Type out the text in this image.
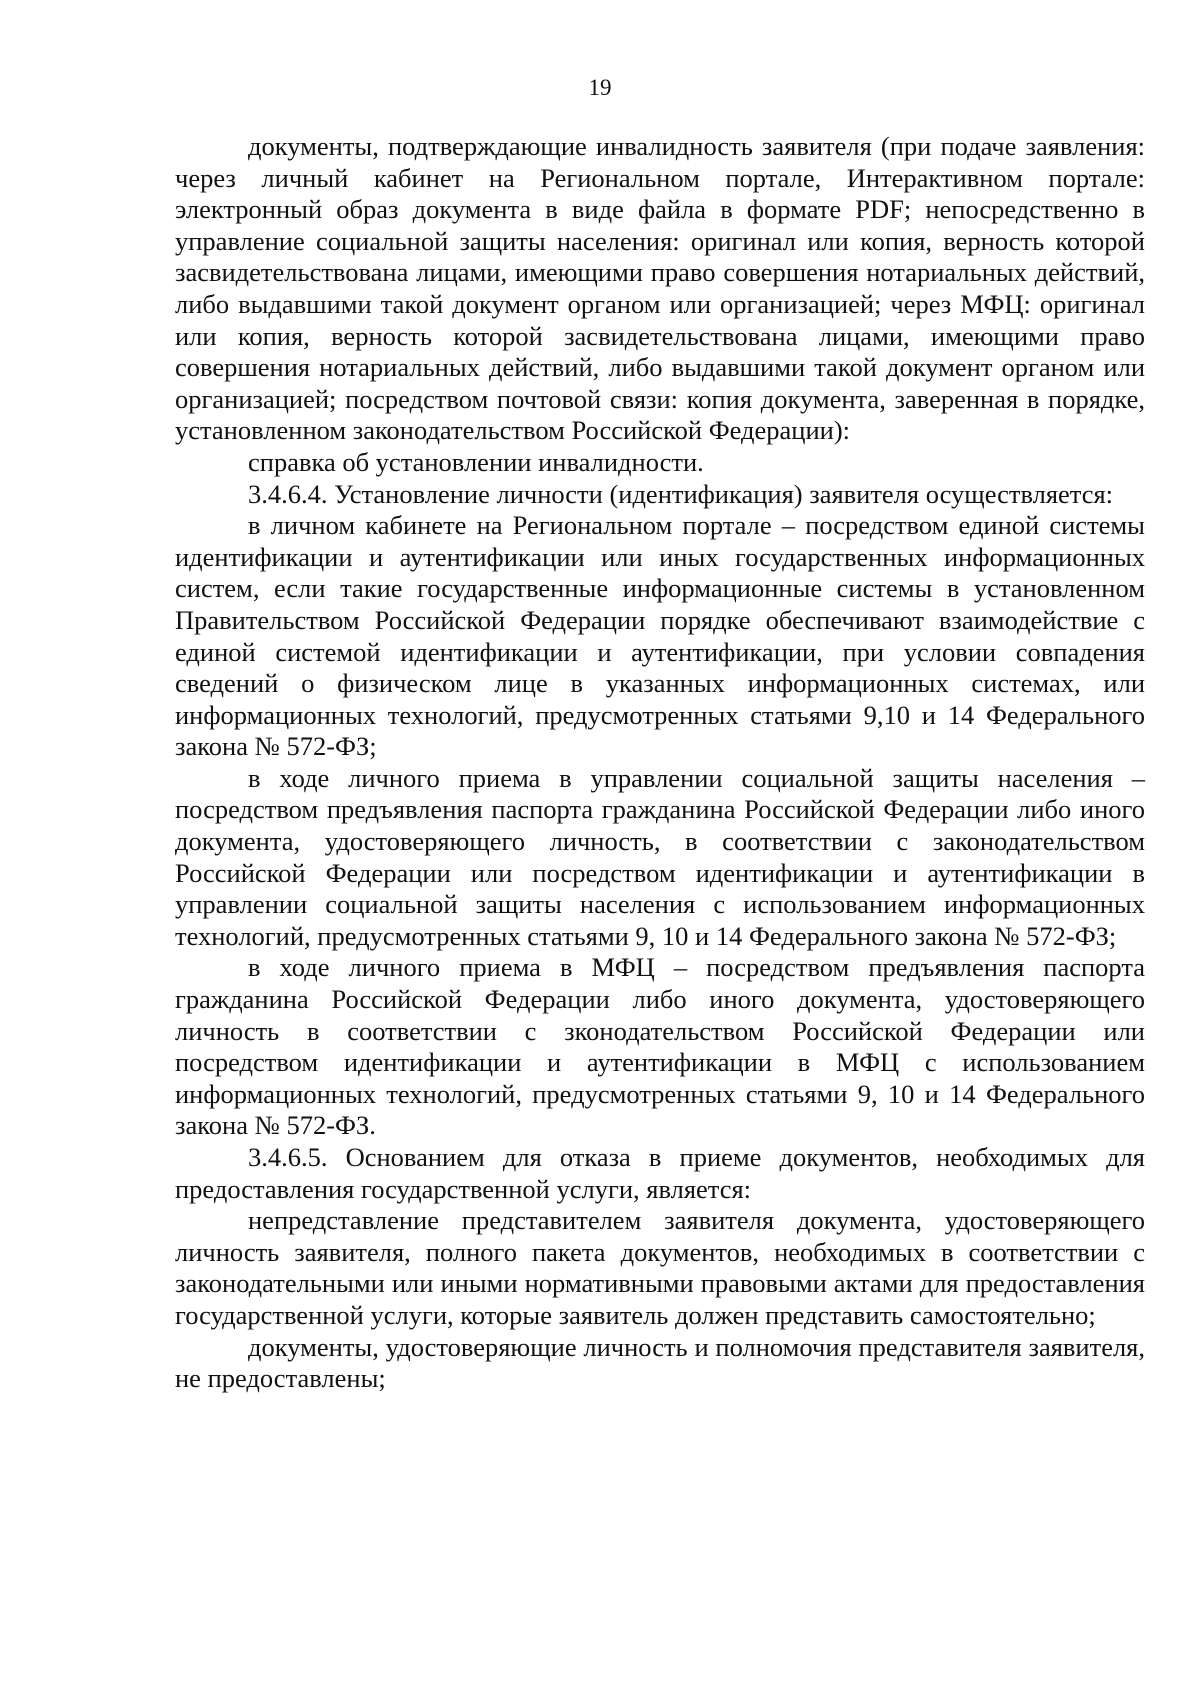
19

документы, подтверждающие инвалидность заявителя (при подаче заявления: через личный кабинет на Региональном портале, Интерактивном портале: электронный образ документа в виде файла в формате PDF; непосредственно в управление социальной защиты населения: оригинал или копия, верность которой засвидетельствована лицами, имеющими право совершения нотариальных действий, либо выдавшими такой документ органом или организацией; через МФЦ: оригинал или копия, верность которой засвидетельствована лицами, имеющими право совершения нотариальных действий, либо выдавшими такой документ органом или организацией; посредством почтовой связи: копия документа, заверенная в порядке, установленном законодательством Российской Федерации):

справка об установлении инвалидности.

3.4.6.4. Установление личности (идентификация) заявителя осуществляется:

в личном кабинете на Региональном портале – посредством единой системы идентификации и аутентификации или иных государственных информационных систем, если такие государственные информационные системы в установленном Правительством Российской Федерации порядке обеспечивают взаимодействие с единой системой идентификации и аутентификации, при условии совпадения сведений о физическом лице в указанных информационных системах, или информационных технологий, предусмотренных статьями 9,10 и 14 Федерального закона № 572-ФЗ;

в ходе личного приема в управлении социальной защиты населения – посредством предъявления паспорта гражданина Российской Федерации либо иного документа, удостоверяющего личность, в соответствии с законодательством Российской Федерации или посредством идентификации и аутентификации в управлении социальной защиты населения с использованием информационных технологий, предусмотренных статьями 9, 10 и 14 Федерального закона № 572-ФЗ;

в ходе личного приема в МФЦ – посредством предъявления паспорта гражданина Российской Федерации либо иного документа, удостоверяющего личность в соответствии с зконодательством Российской Федерации или посредством идентификации и аутентификации в МФЦ с использованием информационных технологий, предусмотренных статьями 9, 10 и 14 Федерального закона № 572-ФЗ.

3.4.6.5. Основанием для отказа в приеме документов, необходимых для предоставления государственной услуги, является:

непредставление представителем заявителя документа, удостоверяющего личность заявителя, полного пакета документов, необходимых в соответствии с законодательными или иными нормативными правовыми актами для предоставления государственной услуги, которые заявитель должен представить самостоятельно;

документы, удостоверяющие личность и полномочия представителя заявителя, не предоставлены;
